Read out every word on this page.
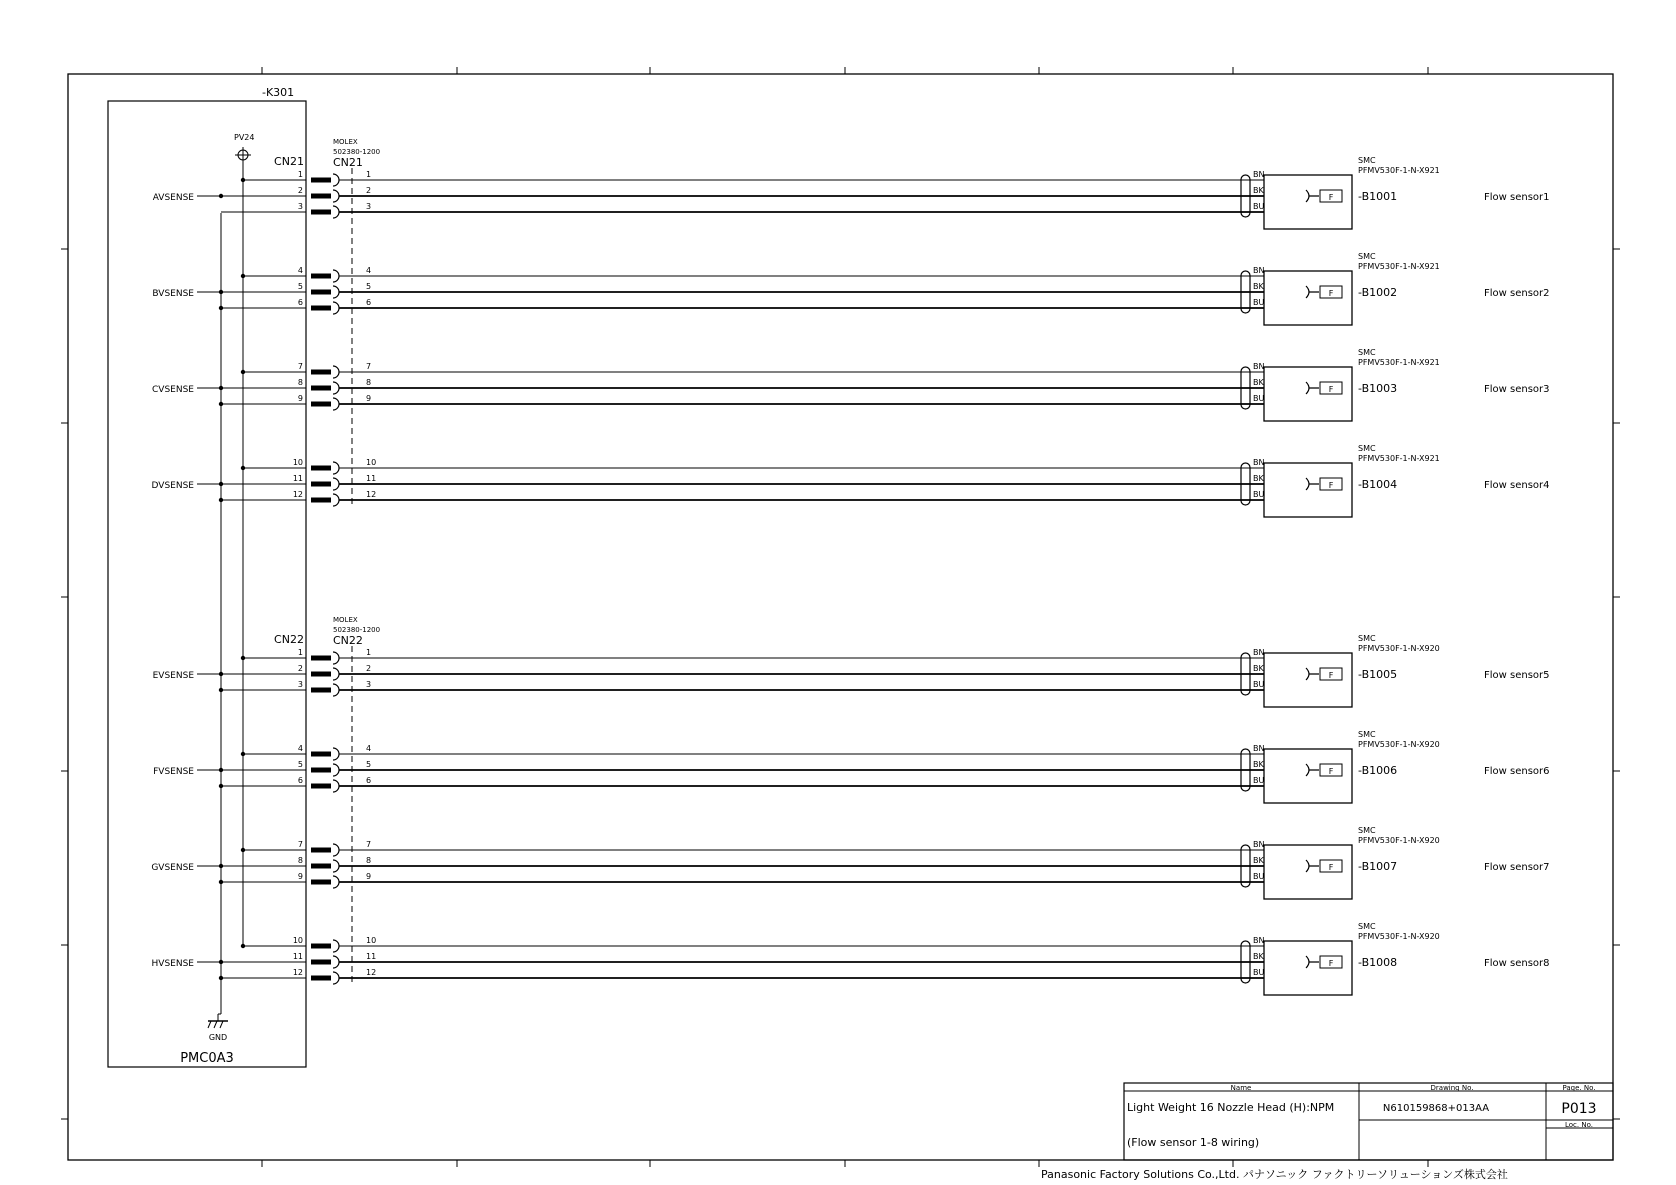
-K301
PMC0A3
PV24
GND
CN21
MOLEX
502380-1200
CN21
CN22
MOLEX
502380-1200
CN22
AVSENSE
1	1	BN
2	2	BK
3	3	BU
F
SMC
PFMV530F-1-N-X921
-B1001	Flow sensor1
BVSENSE
4	4	BN
5	5	BK
6	6	BU
F
SMC
PFMV530F-1-N-X921
-B1002	Flow sensor2
CVSENSE
7	7	BN
8	8	BK
9	9	BU
F
SMC
PFMV530F-1-N-X921
-B1003	Flow sensor3
DVSENSE
10	10	BN
11	11	BK
12	12	BU
F
SMC
PFMV530F-1-N-X921
-B1004	Flow sensor4
EVSENSE
1	1	BN
2	2	BK
3	3	BU
F
SMC
PFMV530F-1-N-X920
-B1005	Flow sensor5
FVSENSE
4	4	BN
5	5	BK
6	6	BU
F
SMC
PFMV530F-1-N-X920
-B1006	Flow sensor6
GVSENSE
7	7	BN
8	8	BK
9	9	BU
F
SMC
PFMV530F-1-N-X920
-B1007	Flow sensor7
HVSENSE
10	10	BN
11	11	BK
12	12	BU
F
SMC
PFMV530F-1-N-X920
-B1008	Flow sensor8
Name	Drawing No.	Page. No.
Light Weight 16 Nozzle Head (H):NPM
(Flow sensor 1-8 wiring)
N610159868+013AA	P013
Loc. No.
Panasonic Factory Solutions Co.,Ltd. パナソニック ファクトリーソリューションズ株式会社
